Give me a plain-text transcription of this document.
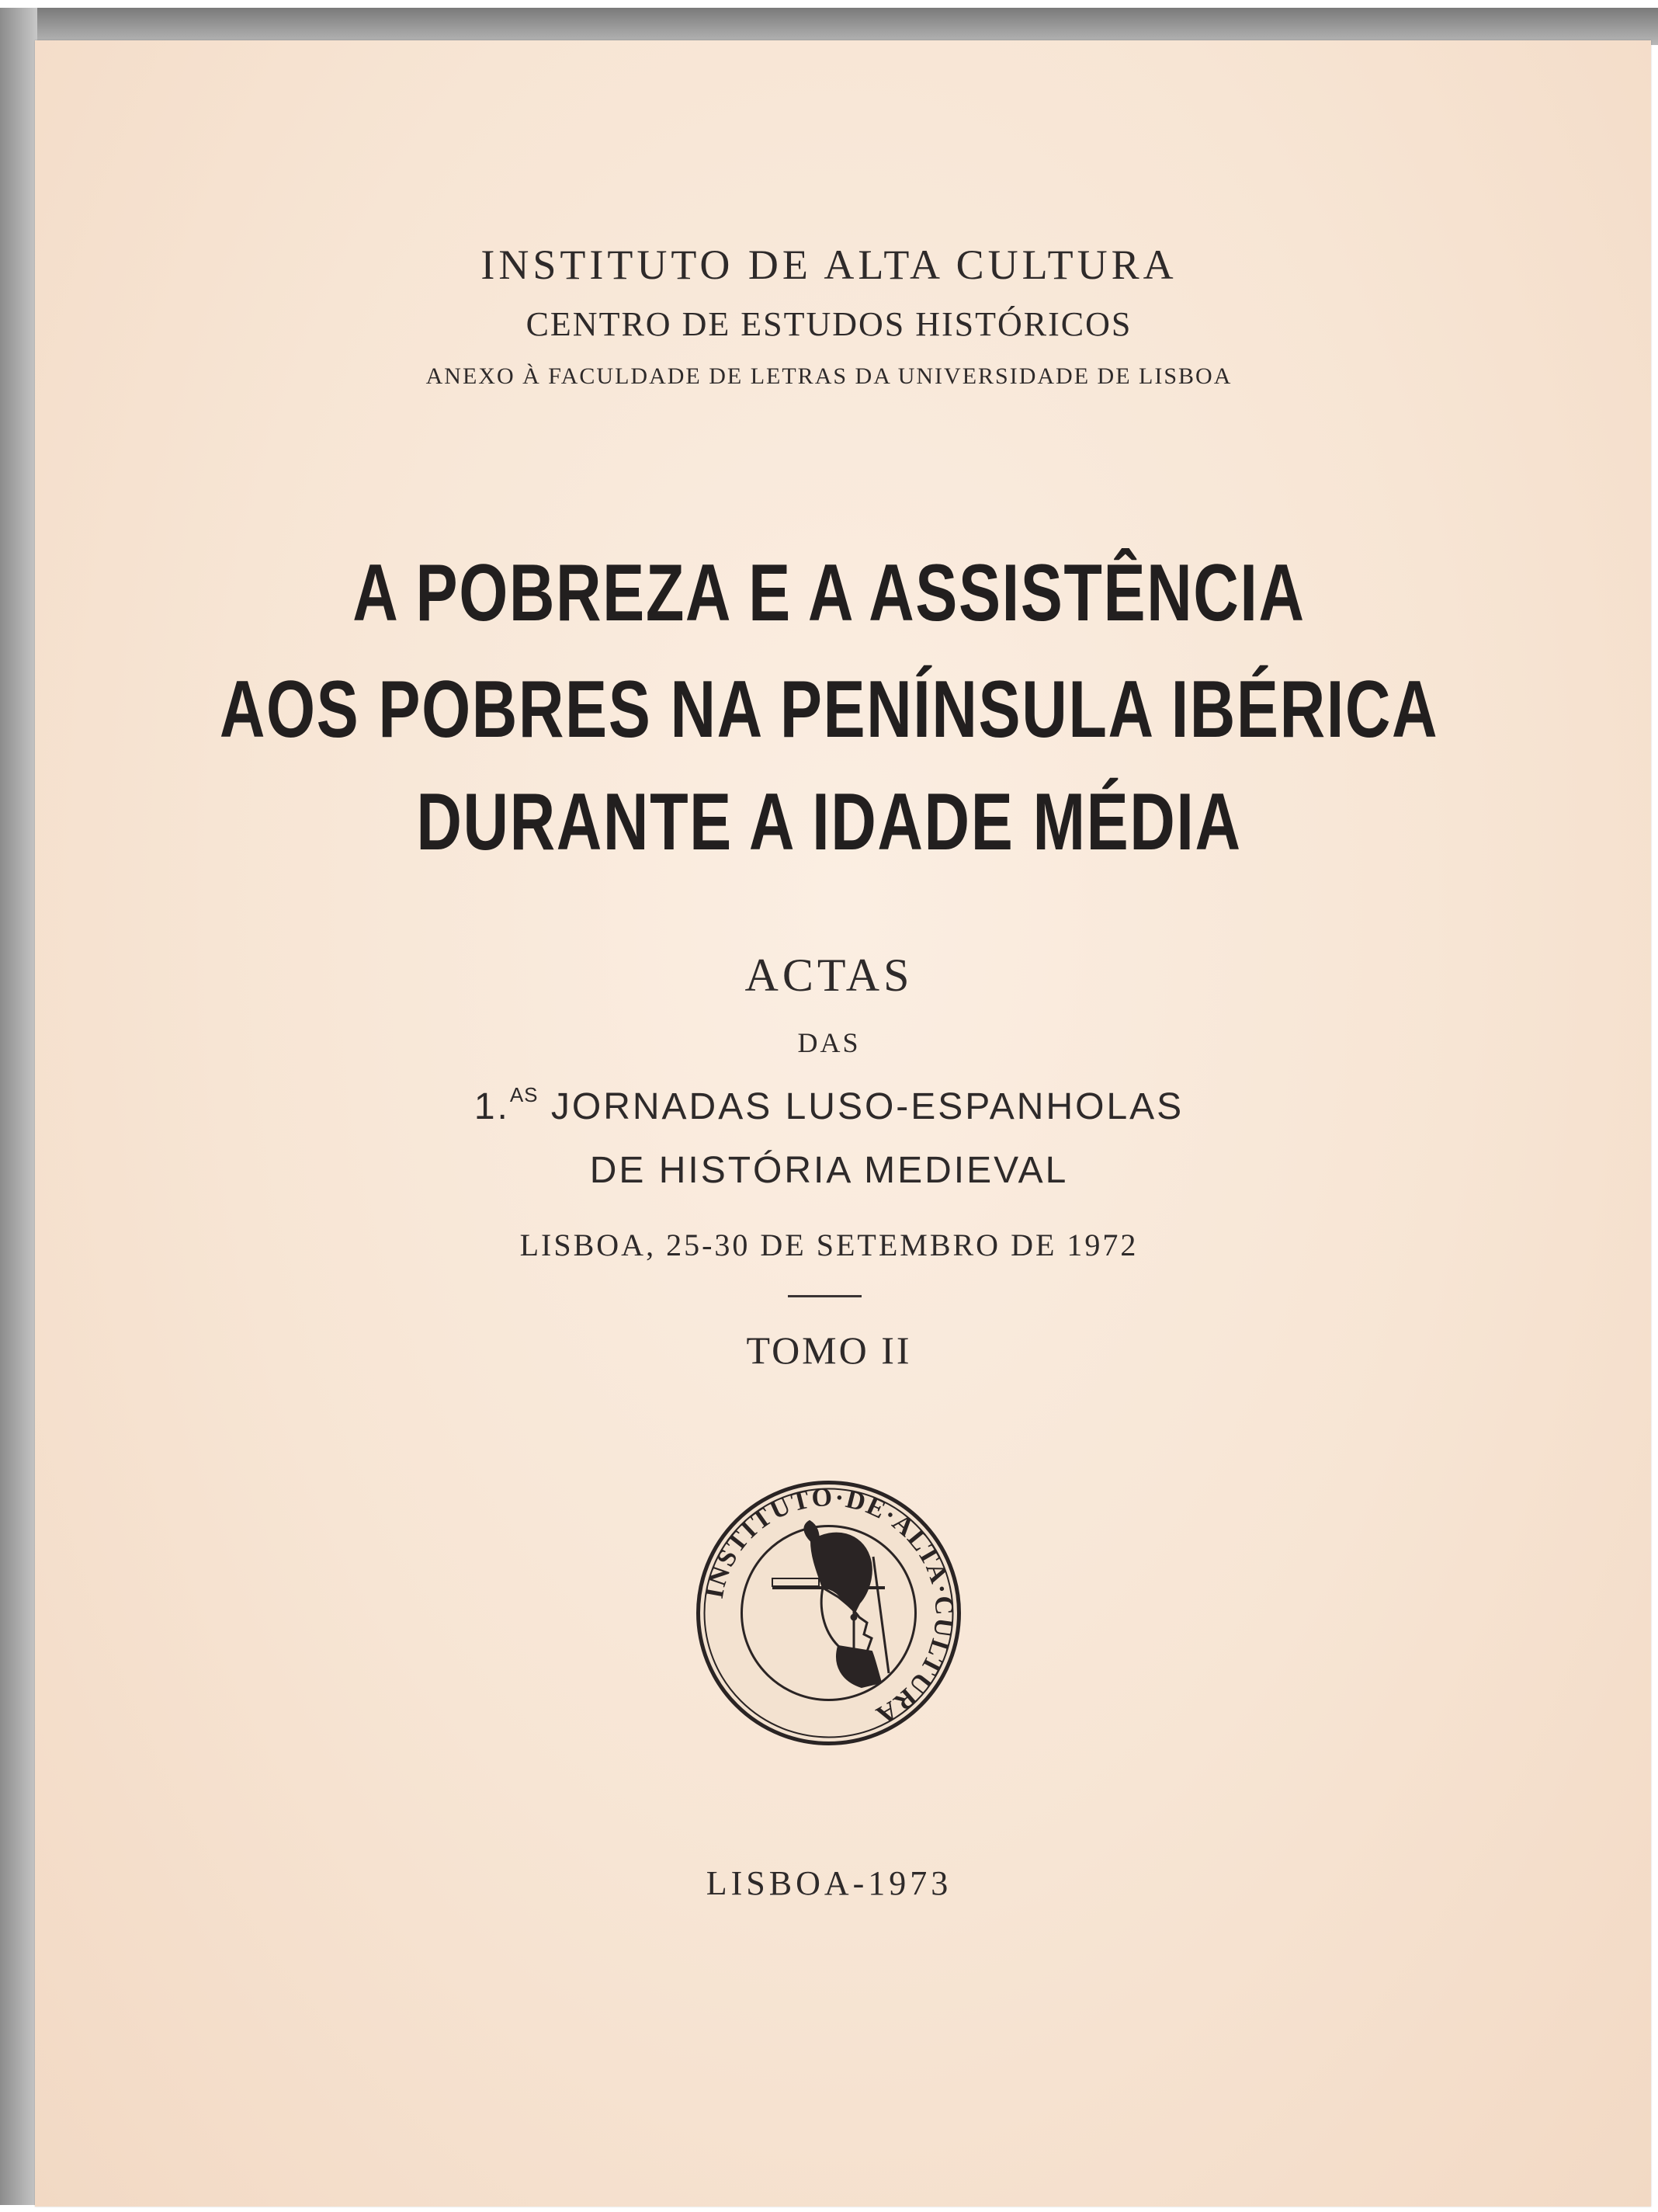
INSTITUTO DE ALTA CULTURA
CENTRO DE ESTUDOS HISTÓRICOS
ANEXO À FACULDADE DE LETRAS DA UNIVERSIDADE DE LISBOA
A POBREZA E A ASSISTÊNCIA
AOS POBRES NA PENÍNSULA IBÉRICA
DURANTE A IDADE MÉDIA
ACTAS
DAS
1.$^{AS}$ JORNADAS LUSO-ESPANHOLAS
DE HISTÓRIA MEDIEVAL
LISBOA, 25-30 DE SETEMBRO DE 1972
TOMO II
INSTITUTO·DE·ALTA·CULTURA
LISBOA-1973
